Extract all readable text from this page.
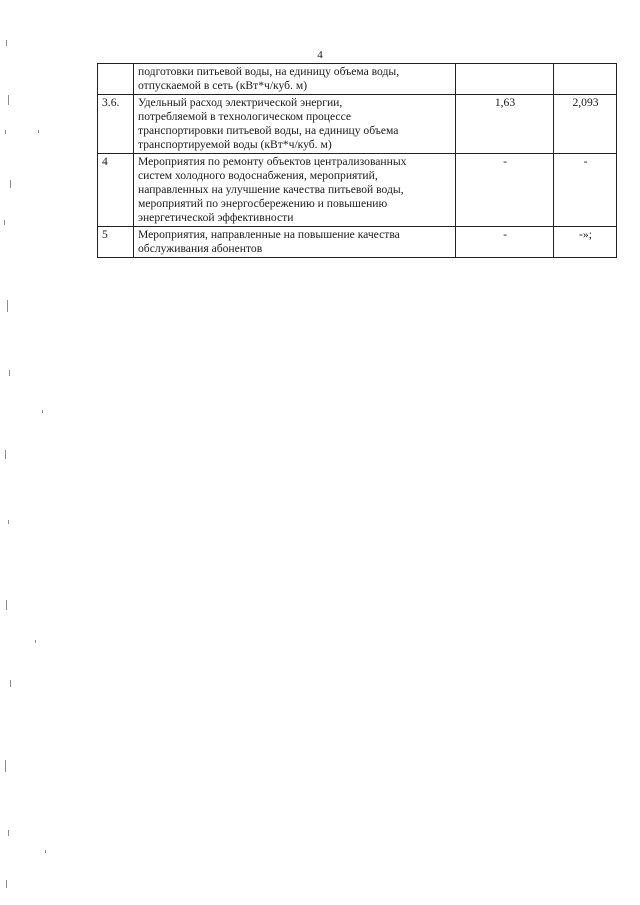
4

	подготовки питьевой воды, на единицу объема воды,
отпускаемой в сеть (кВт*ч/куб. м)		

3.6.	Удельный расход электрической энергии,
потребляемой в технологическом процессе
транспортировки питьевой воды, на единицу объема
транспортируемой воды (кВт*ч/куб. м)	1,63	2,093
4	Мероприятия по ремонту объектов централизованных
систем холодного водоснабжения, мероприятий,
направленных на улучшение качества питьевой воды,
мероприятий по энергосбережению и повышению
энергетической эффективности	-	-
5	Мероприятия, направленные на повышение качества
обслуживания абонентов	-	-»;
